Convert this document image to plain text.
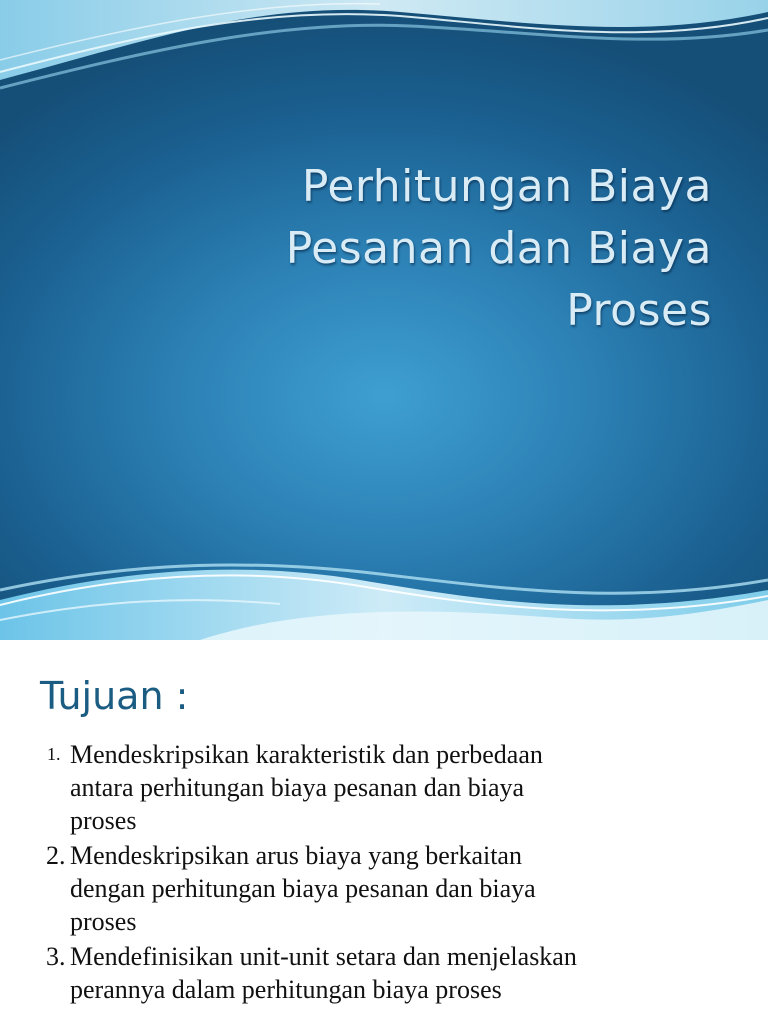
Perhitungan Biaya
Pesanan dan Biaya
Proses
Tujuan :
1. Mendeskripsikan karakteristik dan perbedaan
antara perhitungan biaya pesanan dan biaya
proses
2. Mendeskripsikan arus biaya yang berkaitan
dengan perhitungan biaya pesanan dan biaya
proses
3. Mendefinisikan unit-unit setara dan menjelaskan
perannya dalam perhitungan biaya proses
